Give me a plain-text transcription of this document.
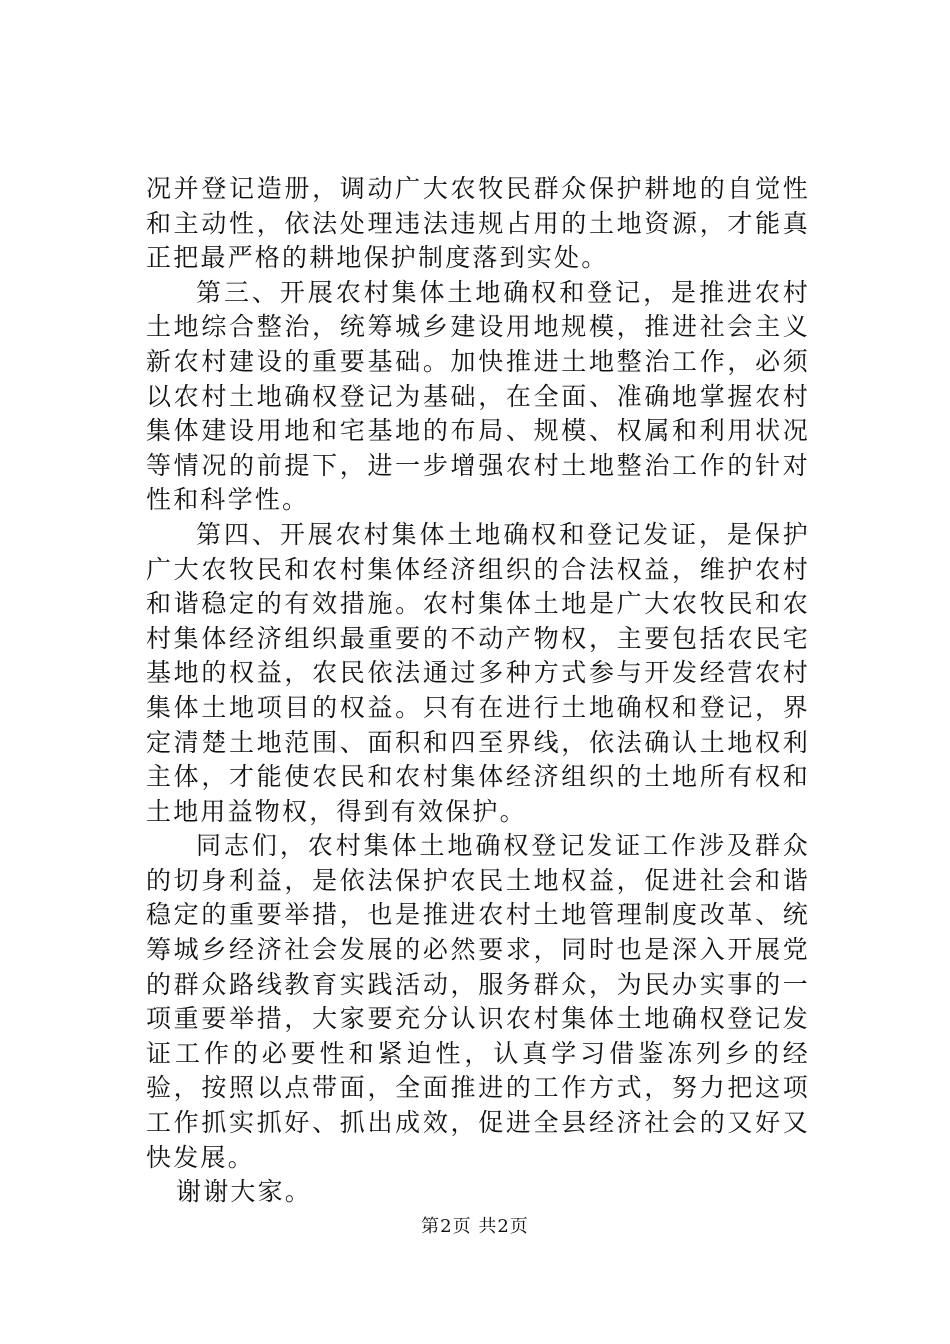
况并登记造册，调动广大农牧民群众保护耕地的自觉性和主动性，依法处理违法违规占用的土地资源，才能真正把最严格的耕地保护制度落到实处。

第三、开展农村集体土地确权和登记，是推进农村土地综合整治，统筹城乡建设用地规模，推进社会主义新农村建设的重要基础。加快推进土地整治工作，必须以农村土地确权登记为基础，在全面、准确地掌握农村集体建设用地和宅基地的布局、规模、权属和利用状况等情况的前提下，进一步增强农村土地整治工作的针对性和科学性。

第四、开展农村集体土地确权和登记发证，是保护广大农牧民和农村集体经济组织的合法权益，维护农村和谐稳定的有效措施。农村集体土地是广大农牧民和农村集体经济组织最重要的不动产物权，主要包括农民宅基地的权益，农民依法通过多种方式参与开发经营农村集体土地项目的权益。只有在进行土地确权和登记，界定清楚土地范围、面积和四至界线，依法确认土地权利主体，才能使农民和农村集体经济组织的土地所有权和土地用益物权，得到有效保护。

同志们，农村集体土地确权登记发证工作涉及群众的切身利益，是依法保护农民土地权益，促进社会和谐稳定的重要举措，也是推进农村土地管理制度改革、统筹城乡经济社会发展的必然要求，同时也是深入开展党的群众路线教育实践活动，服务群众，为民办实事的一项重要举措，大家要充分认识农村集体土地确权登记发证工作的必要性和紧迫性，认真学习借鉴冻列乡的经验，按照以点带面，全面推进的工作方式，努力把这项工作抓实抓好、抓出成效，促进全县经济社会的又好又快发展。

谢谢大家。

第2页 共2页
